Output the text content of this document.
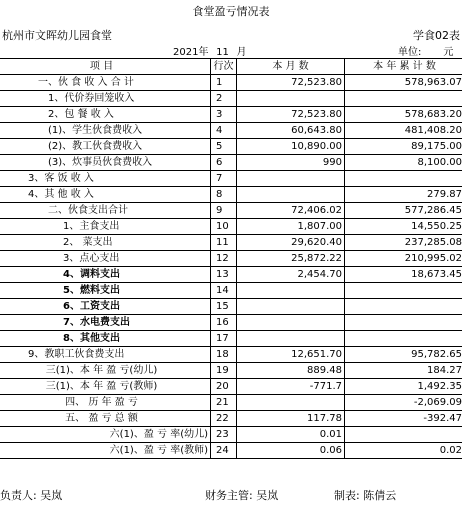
食堂盈亏情况表
杭州市文晖幼儿园食堂	学食02表
2021年 11 月	单位: 元
项 目	行次	本 月 数	本 年 累 计 数
一、伙 食 收 入 合 计	1	72,523.80	578,963.07
1、代价券回笼收入	2		
2、包 餐 收 入	3	72,523.80	578,683.20
(1)、学生伙食费收入	4	60,643.80	481,408.20
(2)、教工伙食费收入	5	10,890.00	89,175.00
(3)、炊事员伙食费收入	6	990	8,100.00
3、客 饭 收 入	7		
4、其 他 收 入	8		279.87
二、伙食支出合计	9	72,406.02	577,286.45
1、主食支出	10	1,807.00	14,550.25
2、 菜支出	11	29,620.40	237,285.08
3、点心支出	12	25,872.22	210,995.02
4、调料支出	13	2,454.70	18,673.45
5、燃料支出	14		
6、工资支出	15		
7、水电费支出	16		
8、其他支出	17		
9、教职工伙食费支出	18	12,651.70	95,782.65
三(1)、本 年 盈 亏(幼儿)	19	889.48	184.27
三(1)、本 年 盈 亏(教师)	20	-771.7	1,492.35
四、 历 年 盈 亏	21		-2,069.09
五、 盈 亏 总 额	22	117.78	-392.47
六(1)、盈 亏 率(幼儿)	23	0.01	
六(1)、盈 亏 率(教师)	24	0.06	0.02
负责人: 吴岚	财务主管: 吴岚	制表: 陈倩云
